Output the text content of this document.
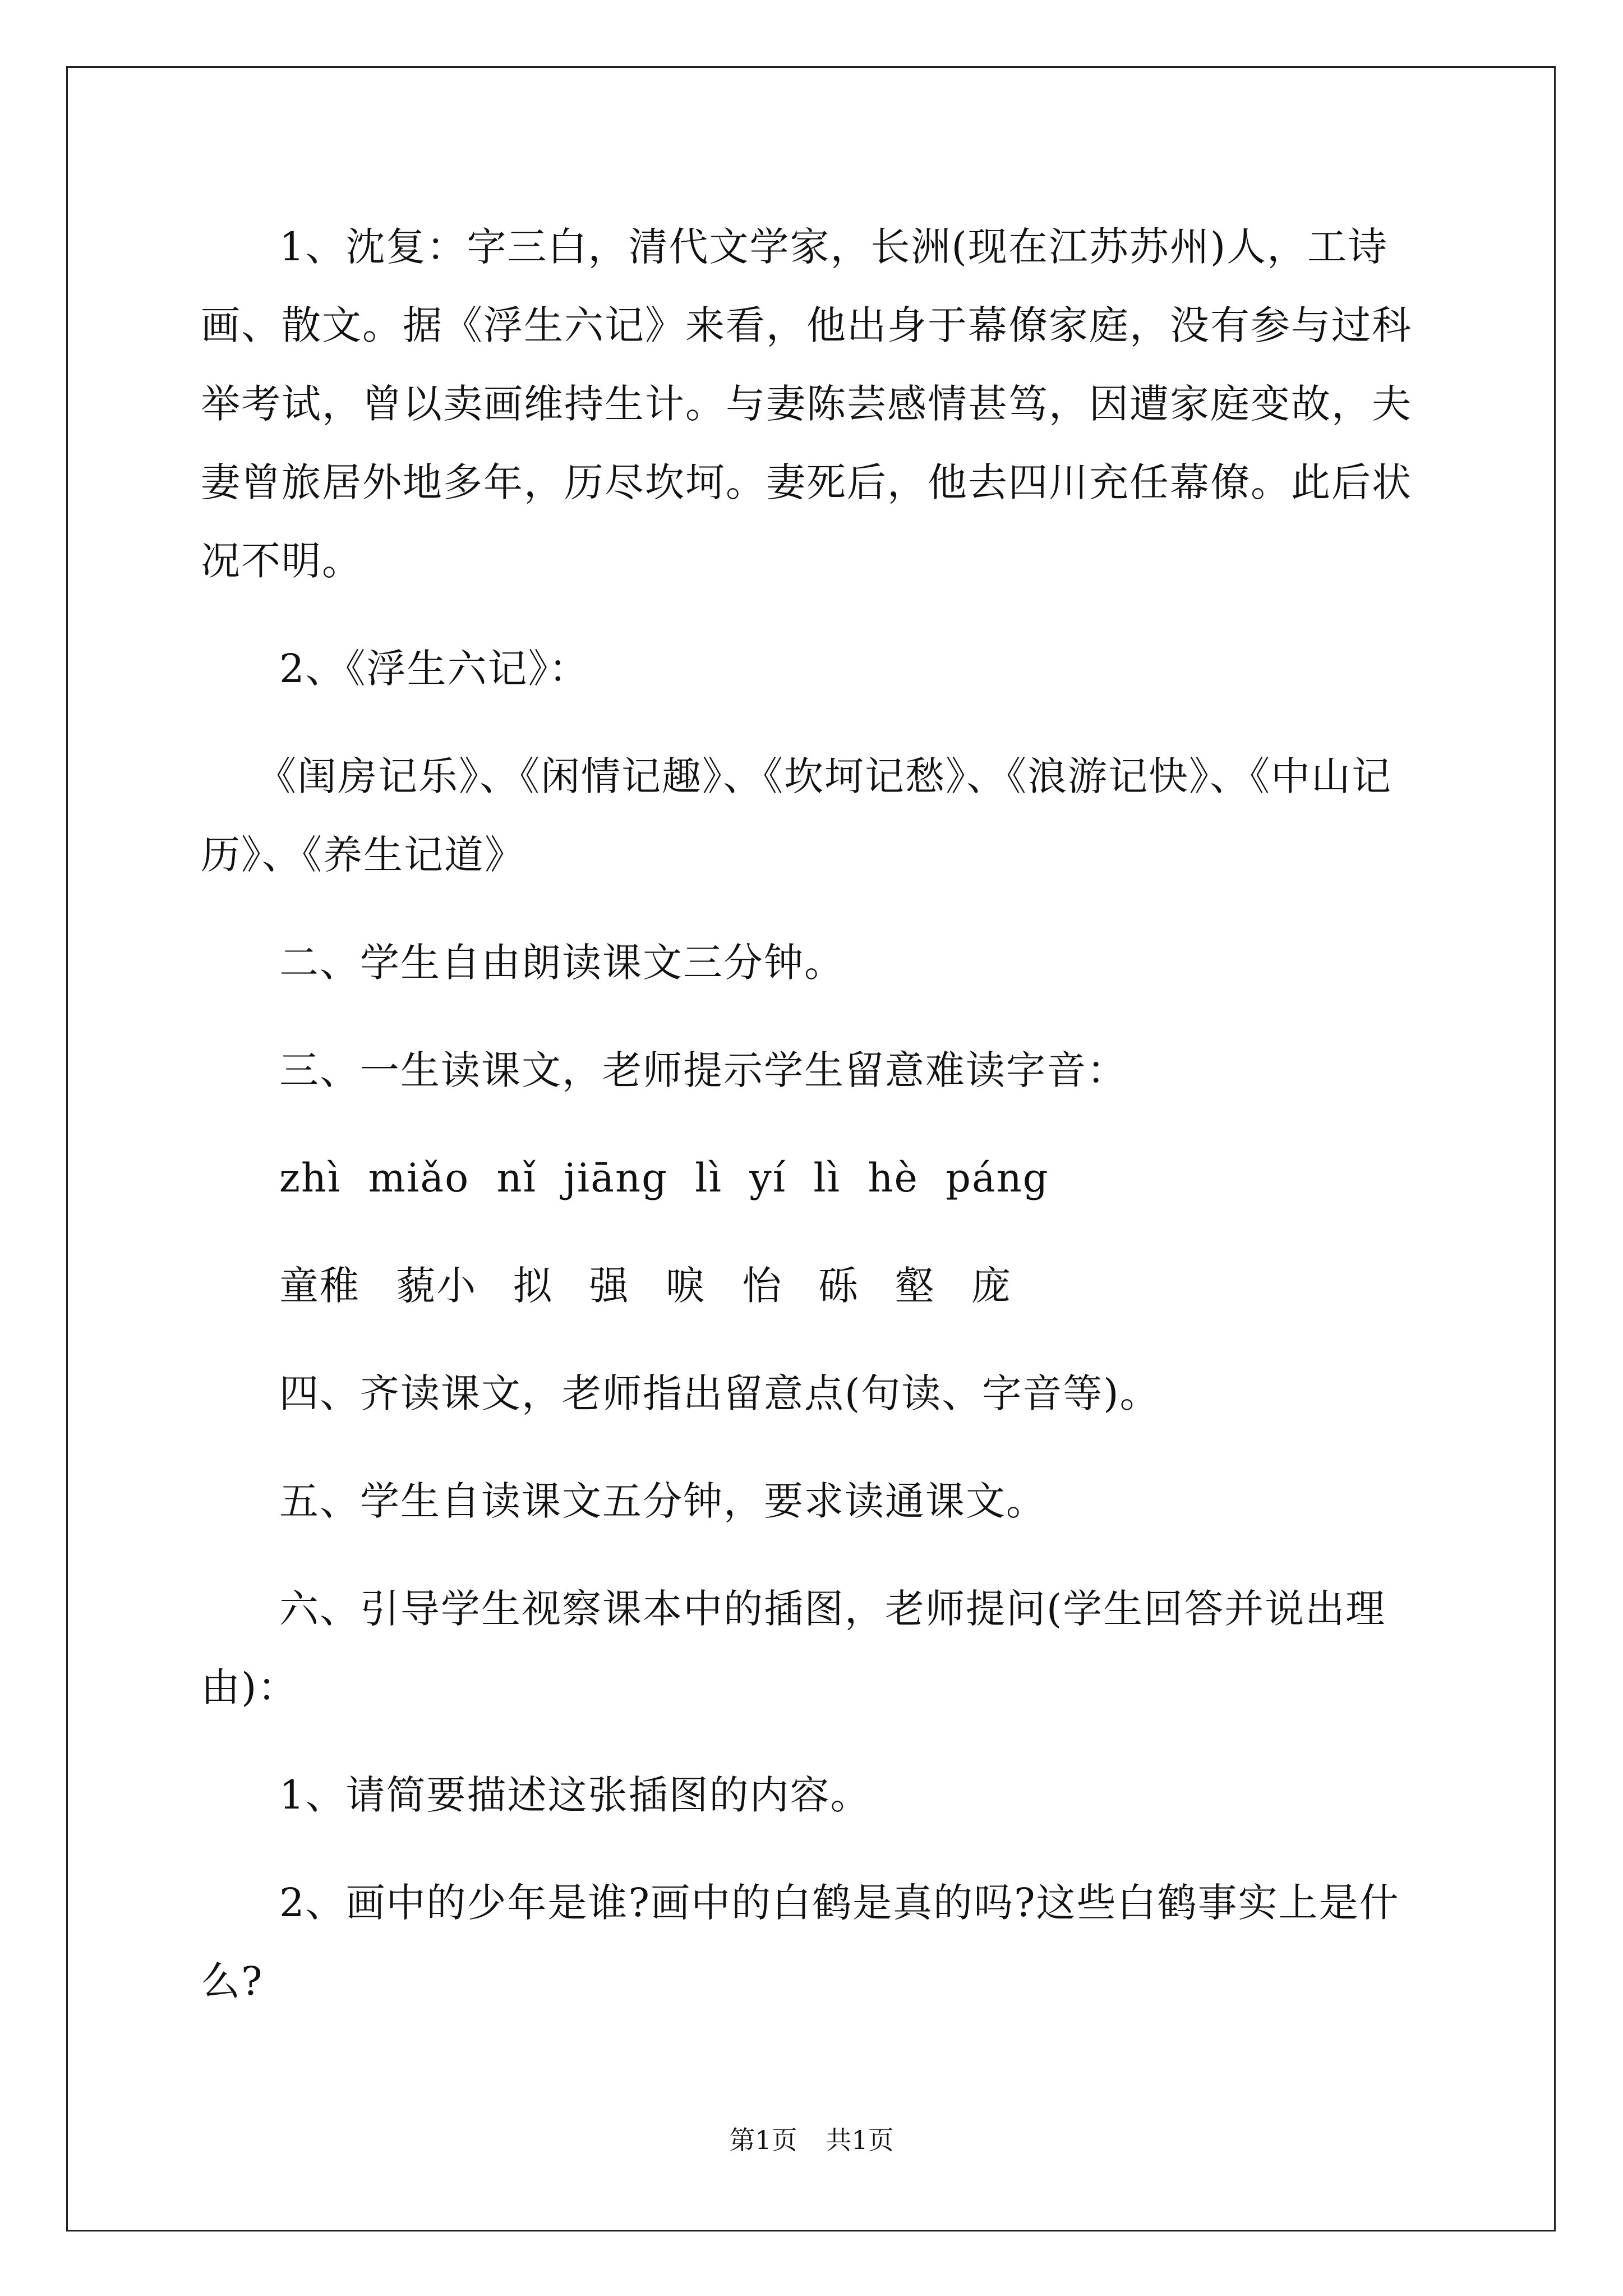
1、沈复：字三白，清代文学家，长洲(现在江苏苏州)人，工诗画、散文。据《浮生六记》来看，他出身于幕僚家庭，没有参与过科举考试，曾以卖画维持生计。与妻陈芸感情甚笃，因遭家庭变故，夫妻曾旅居外地多年，历尽坎坷。妻死后，他去四川充任幕僚。此后状况不明。

2、《浮生六记》：

《闺房记乐》、《闲情记趣》、《坎坷记愁》、《浪游记快》、《中山记历》、《养生记道》

二、学生自由朗读课文三分钟。

三、一生读课文，老师提示学生留意难读字音：

zhì miǎo nǐ jiāng lì yí lì hè páng

童稚 藐小 拟 强 唳 怡 砾 壑 庞

四、齐读课文，老师指出留意点(句读、字音等)。

五、学生自读课文五分钟，要求读通课文。

六、引导学生视察课本中的插图，老师提问(学生回答并说出理由)：

1、请简要描述这张插图的内容。

2、画中的少年是谁?画中的白鹤是真的吗?这些白鹤事实上是什么?

第1页 共1页
